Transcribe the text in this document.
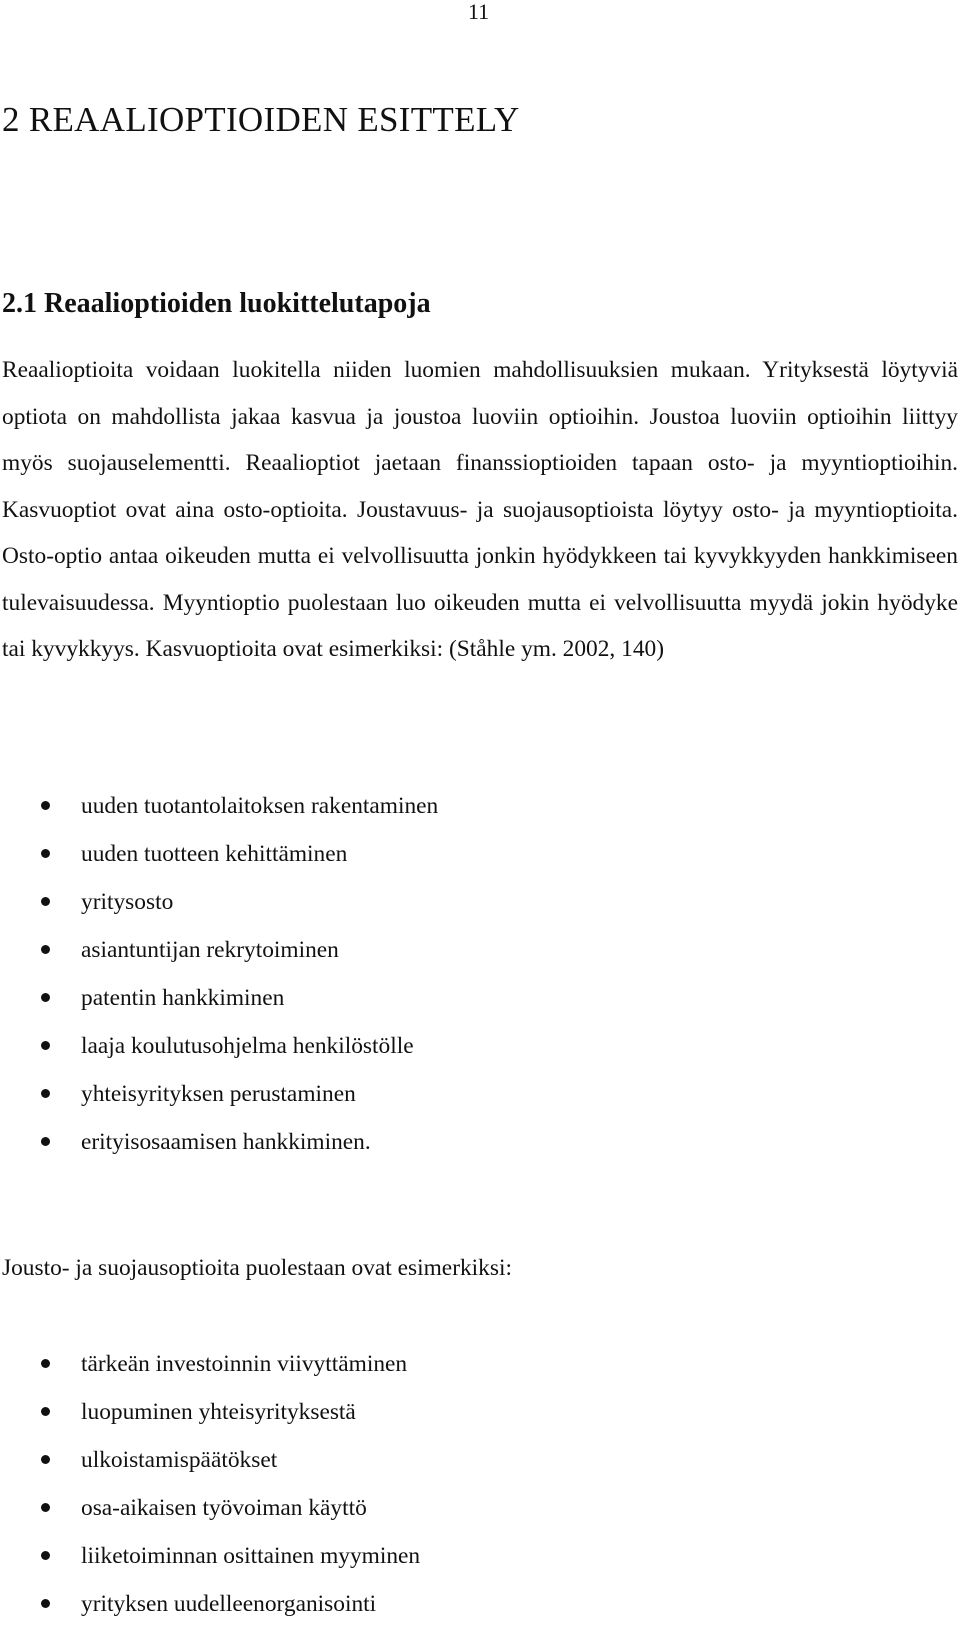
11
2 REAALIOPTIOIDEN ESITTELY
2.1 Reaalioptioiden luokittelutapoja

Reaalioptioita voidaan luokitella niiden luomien mahdollisuuksien mukaan. Yrityksestä löytyviä optiota on mahdollista jakaa kasvua ja joustoa luoviin optioihin. Joustoa luoviin optioihin liittyy myös suojauselementti. Reaalioptiot jaetaan finanssioptioiden tapaan osto- ja myyntioptioihin. Kasvuoptiot ovat aina osto-optioita. Joustavuus- ja suojausoptioista löytyy osto- ja myyntioptioita. Osto-optio antaa oikeuden mutta ei velvollisuutta jonkin hyödykkeen tai kyvykkyyden hankkimiseen tulevaisuudessa. Myyntioptio puolestaan luo oikeuden mutta ei velvollisuutta myydä jokin hyödyke tai kyvykkyys. Kasvuoptioita ovat esimerkiksi: (Ståhle ym. 2002, 140)

uuden tuotantolaitoksen rakentaminen
uuden tuotteen kehittäminen
yritysosto
asiantuntijan rekrytoiminen
patentin hankkiminen
laaja koulutusohjelma henkilöstölle
yhteisyrityksen perustaminen
erityisosaamisen hankkiminen.

Jousto- ja suojausoptioita puolestaan ovat esimerkiksi:

tärkeän investoinnin viivyttäminen
luopuminen yhteisyrityksestä
ulkoistamispäätökset
osa-aikaisen työvoiman käyttö
liiketoiminnan osittainen myyminen
yrityksen uudelleenorganisointi
